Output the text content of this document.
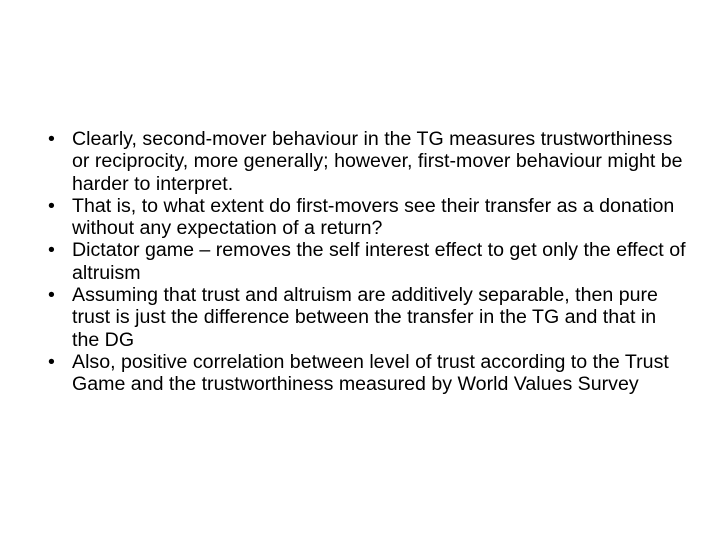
• Clearly, second-mover behaviour in the TG measures trustworthiness or reciprocity, more generally; however, first-mover behaviour might be harder to interpret.
• That is, to what extent do first-movers see their transfer as a donation without any expectation of a return?
• Dictator game – removes the self interest effect to get only the effect of altruism
• Assuming that trust and altruism are additively separable, then pure trust is just the difference between the transfer in the TG and that in the DG
• Also, positive correlation between level of trust according to the Trust Game and the trustworthiness measured by World Values Survey
